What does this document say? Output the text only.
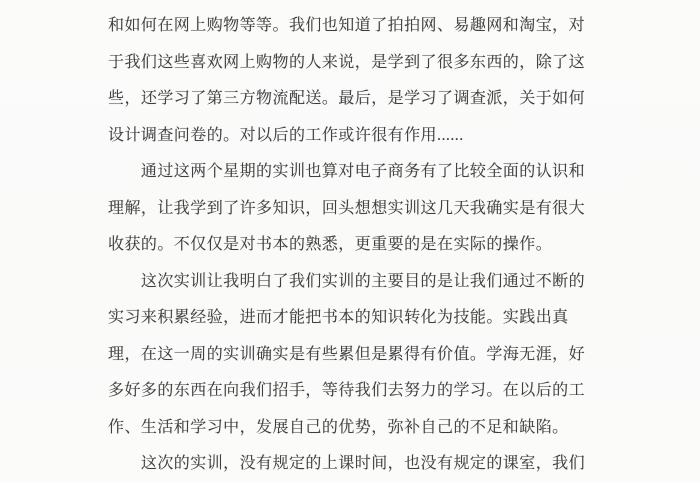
和如何在网上购物等等。我们也知道了拍拍网、易趣网和淘宝，对
于我们这些喜欢网上购物的人来说，是学到了很多东西的，除了这
些，还学习了第三方物流配送。最后，是学习了调查派，关于如何
设计调查问卷的。对以后的工作或许很有作用......
　　通过这两个星期的实训也算对电子商务有了比较全面的认识和
理解，让我学到了许多知识，回头想想实训这几天我确实是有很大
收获的。不仅仅是对书本的熟悉，更重要的是在实际的操作。
　　这次实训让我明白了我们实训的主要目的是让我们通过不断的
实习来积累经验，进而才能把书本的知识转化为技能。实践出真
理，在这一周的实训确实是有些累但是累得有价值。学海无涯，好
多好多的东西在向我们招手，等待我们去努力的学习。在以后的工
作、生活和学习中，发展自己的优势，弥补自己的不足和缺陷。
　　这次的实训，没有规定的上课时间，也没有规定的课室，我们
